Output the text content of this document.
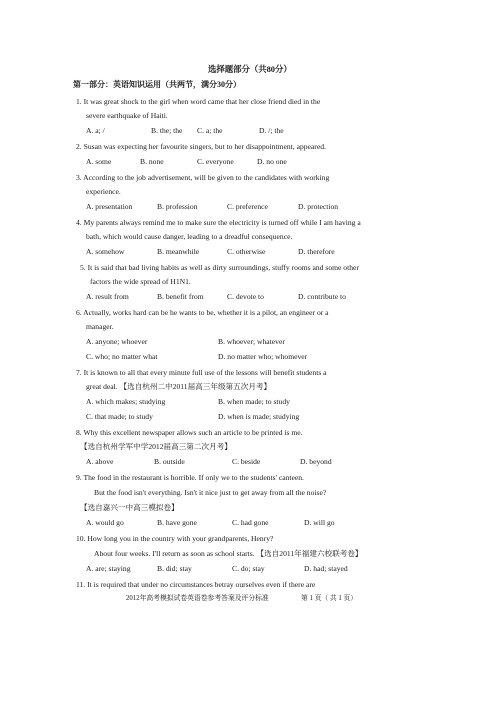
选择题部分（共80分）
第一部分：英语知识运用（共两节，满分30分）
1. It was great shock to the girl when word came that her close friend died in the
severe earthquake of Haiti.
A. a; /	B. the; the C. a; the	D. /; the
2. Susan was expecting her favourite singers, but to her disappointment, appeared.
A. some	B. none	C. everyone	D. no one
3. According to the job advertisement, will be given to the candidates with working
experience.
A. presentation	B. profession	C. preference	D. protection
4. My parents always remind me to make sure the electricity is turned off while I am having a
bath, which would cause danger, leading to a dreadful consequence.
A. somehow	B. meanwhile	C. otherwise	D. therefore
5. It is said that bad living habits as well as dirty surroundings, stuffy rooms and some other
factors the wide spread of H1N1.
A. result from	B. benefit from	C. devote to	D. contribute to
6. Actually, works hard can be he wants to be, whether it is a pilot, an engineer or a
manager.
A. anyone; whoever	B. whoever; whatever
C. who; no matter what	D. no matter who; whomever
7. It is known to all that every minute full use of the lessons will benefit students a
great deal. 【选自杭州二中2011届高三年级第五次月考】
A. which makes; studying	B. when made; to study
C. that made; to study	D. when is made; studying
8. Why this excellent newspaper allows such an article to be printed is me.
【选自杭州学军中学2012届高三第二次月考】
A. above	B. outside	C. beside	D. beyond
9. The food in the restaurant is horrible. If only we to the students' canteen.
But the food isn't everything. Isn't it nice just to get away from all the noise?
【选自嘉兴一中高三模拟卷】
A. would go	B. have gone	C. had gone	D. will go
10. How long you in the country with your grandparents, Henry?
About four weeks. I'll return as soon as school starts. 【选自2011年福建六校联考卷】
A. are; staying	B. did; stay	C. do; stay	D. had; stayed
11. It is required that under no circumstances betray ourselves even if there are
2012年高考模拟试卷英语卷参考答案及评分标准	第 1 页（ 共 1 页）
